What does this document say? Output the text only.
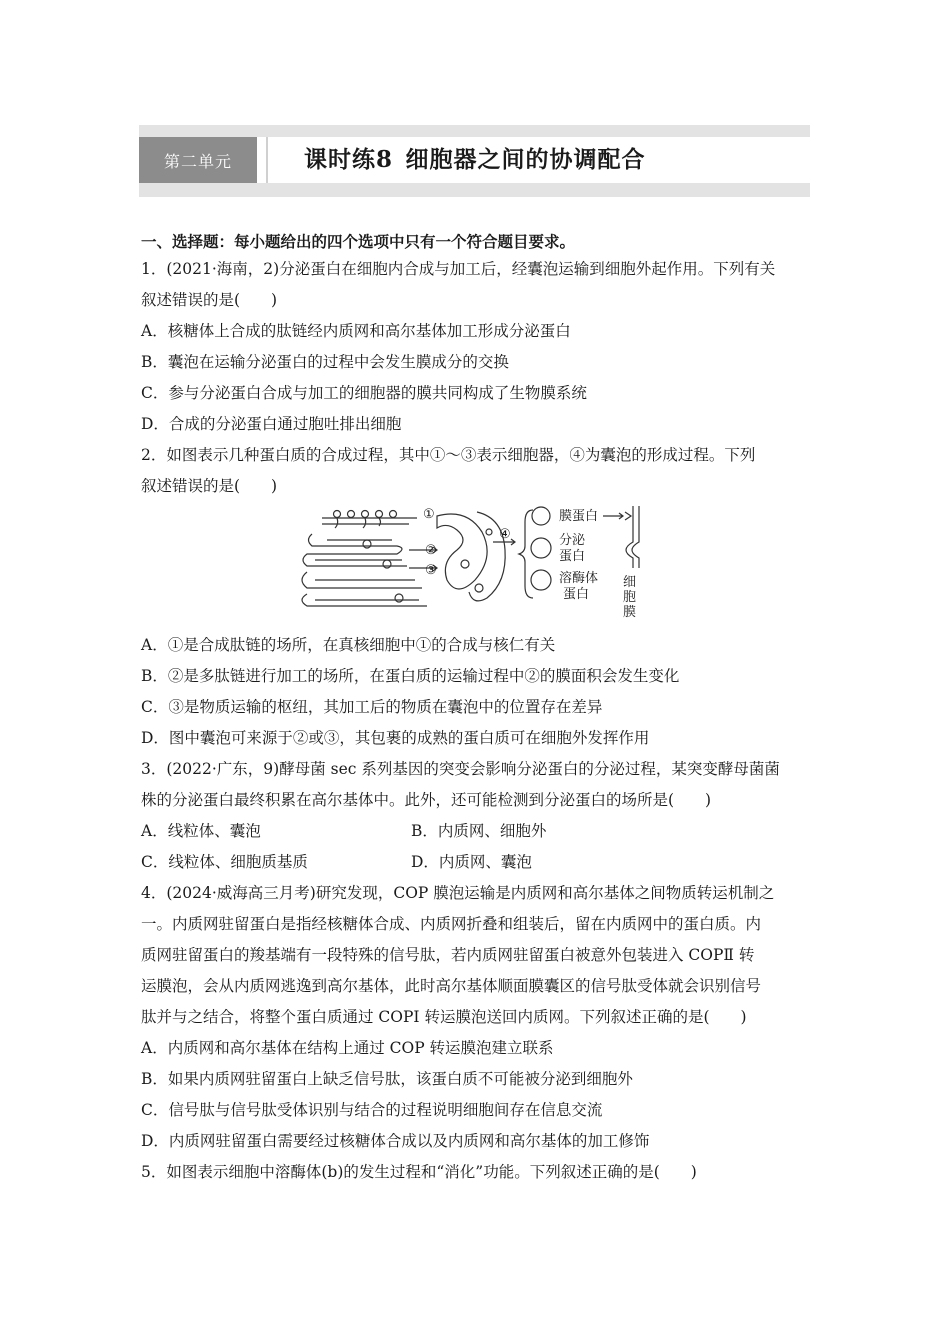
第二单元	课时练8  细胞器之间的协调配合
一、选择题：每小题给出的四个选项中只有一个符合题目要求。
1．(2021·海南，2)分泌蛋白在细胞内合成与加工后，经囊泡运输到细胞外起作用。下列有关
叙述错误的是(　　)
A．核糖体上合成的肽链经内质网和高尔基体加工形成分泌蛋白
B．囊泡在运输分泌蛋白的过程中会发生膜成分的交换
C．参与分泌蛋白合成与加工的细胞器的膜共同构成了生物膜系统
D．合成的分泌蛋白通过胞吐排出细胞
2．如图表示几种蛋白质的合成过程，其中①～③表示细胞器，④为囊泡的形成过程。下列
叙述错误的是(　　)
①
②
③
④
膜蛋白
分泌
蛋白
溶酶体
蛋白
细
胞
膜
A．①是合成肽链的场所，在真核细胞中①的合成与核仁有关
B．②是多肽链进行加工的场所，在蛋白质的运输过程中②的膜面积会发生变化
C．③是物质运输的枢纽，其加工后的物质在囊泡中的位置存在差异
D．图中囊泡可来源于②或③，其包裹的成熟的蛋白质可在细胞外发挥作用
3．(2022·广东，9)酵母菌 sec 系列基因的突变会影响分泌蛋白的分泌过程，某突变酵母菌菌
株的分泌蛋白最终积累在高尔基体中。此外，还可能检测到分泌蛋白的场所是(　　)
A．线粒体、囊泡	B．内质网、细胞外
C．线粒体、细胞质基质	D．内质网、囊泡
4．(2024·威海高三月考)研究发现，COP 膜泡运输是内质网和高尔基体之间物质转运机制之
一。内质网驻留蛋白是指经核糖体合成、内质网折叠和组装后，留在内质网中的蛋白质。内
质网驻留蛋白的羧基端有一段特殊的信号肽，若内质网驻留蛋白被意外包装进入 COPⅡ 转
运膜泡，会从内质网逃逸到高尔基体，此时高尔基体顺面膜囊区的信号肽受体就会识别信号
肽并与之结合，将整个蛋白质通过 COPⅠ 转运膜泡送回内质网。下列叙述正确的是(　　)
A．内质网和高尔基体在结构上通过 COP 转运膜泡建立联系
B．如果内质网驻留蛋白上缺乏信号肽，该蛋白质不可能被分泌到细胞外
C．信号肽与信号肽受体识别与结合的过程说明细胞间存在信息交流
D．内质网驻留蛋白需要经过核糖体合成以及内质网和高尔基体的加工修饰
5．如图表示细胞中溶酶体(b)的发生过程和“消化”功能。下列叙述正确的是(　　)
